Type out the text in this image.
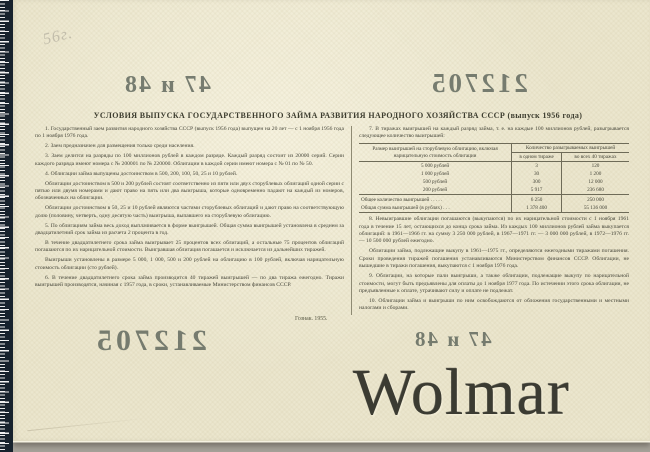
56г.
47 и 48	212705
212705	47 и 48
УСЛОВИЯ ВЫПУСКА ГОСУДАРСТВЕННОГО ЗАЙМА РАЗВИТИЯ НАРОДНОГО ХОЗЯЙСТВА СССР (выпуск 1956 года)

1. Государственный заем развития народного хозяйства СССР (выпуск 1956 года) выпущен на 20 лет — с 1 ноября 1956 года по 1 ноября 1976 года.

2. Заем предназначен для размещения только среди населения.

3. Заем делится на разряды по 100 миллионов рублей в каждом разряде. Каждый разряд состоит из 20000 серий. Серии каждого разряда имеют номера с № 200001 по № 220000. Облигации в каждой серии имеют номера с № 01 по № 50.

4. Облигации займа выпущены достоинством в 500, 200, 100, 50, 25 и 10 рублей.

Облигации достоинством в 500 и 200 рублей состоят соответственно из пяти или двух сторублевых облигаций одной серии с пятью или двумя номерами и дают право на пять или два выигрыша, которые одновременно падают на каждый из номеров, обозначенных на облигации.

Облигации достоинством в 50, 25 и 10 рублей являются частями сторублевых облигаций и дают право на соответствующую долю (половину, четверть, одну десятую часть) выигрыша, выпавшего на сторублевую облигацию.

5. По облигациям займа весь доход выплачивается в форме выигрышей. Общая сумма выигрышей установлена в среднем за двадцатилетний срок займа из расчета 2 процента в год.

В течение двадцатилетнего срока займа выигрывает 25 процентов всех облигаций, а остальные 75 процентов облигаций погашаются по их нарицательной стоимости. Выигравшая облигация погашается и исключается из дальнейших тиражей.

Выигрыши установлены в размере 5 000, 1 000, 500 и 200 рублей на облигацию в 100 рублей, включая нарицательную стоимость облигации (сто рублей).

6. В течение двадцатилетнего срока займа производится 40 тиражей выигрышей — по два тиража ежегодно. Тиражи выигрышей производятся, начиная с 1957 года, в сроки, устанавливаемые Министерством финансов СССР.

7. В тиражах выигрышей на каждый разряд займа, т. е. на каждые 100 миллионов рублей, разыгрывается следующее количество выигрышей:

Размер выигрышей на сторублевую облигацию, включая нарицательную стоимость облигации	Количество разыгрываемых выигрышей	
	в одном тираже	во всех 40 тиражах
5 000 рублей	3	120
1 000 рублей	30	1 200
500 рублей	300	12 000
200 рублей	5 917	236 680
Общее количество выигрышей . . . . .	6 250	250 000
Общая сумма выигрышей (в рублях) . . .	1 378 400	55 136 000

8. Невыигравшие облигации погашаются (выкупаются) по их нарицательной стоимости с 1 ноября 1961 года в течение 15 лет, остающихся до конца срока займа. Из каждых 100 миллионов рублей займа выкупается облигаций: в 1961—1966 гг. на сумму 3 250 000 рублей, в 1967—1971 гг. — 3 000 000 рублей, в 1972—1976 гг. — 10 500 000 рублей ежегодно.

Облигации займа, подлежащие выкупу в 1961—1975 гг., определяются ежегодными тиражами погашения. Сроки проведения тиражей погашения устанавливаются Министерством финансов СССР. Облигации, не вышедшие в тиражи погашения, выкупаются с 1 ноября 1976 года.

9. Облигации, на которые пали выигрыши, а также облигации, подлежащие выкупу по нарицательной стоимости, могут быть предъявлены для оплаты до 1 ноября 1977 года. По истечении этого срока облигации, не предъявленные к оплате, утрачивают силу и оплате не подлежат.

10. Облигации займа и выигрыши по ним освобождаются от обложения государственными и местными налогами и сборами.

Гознак. 1955.
Wolmar
